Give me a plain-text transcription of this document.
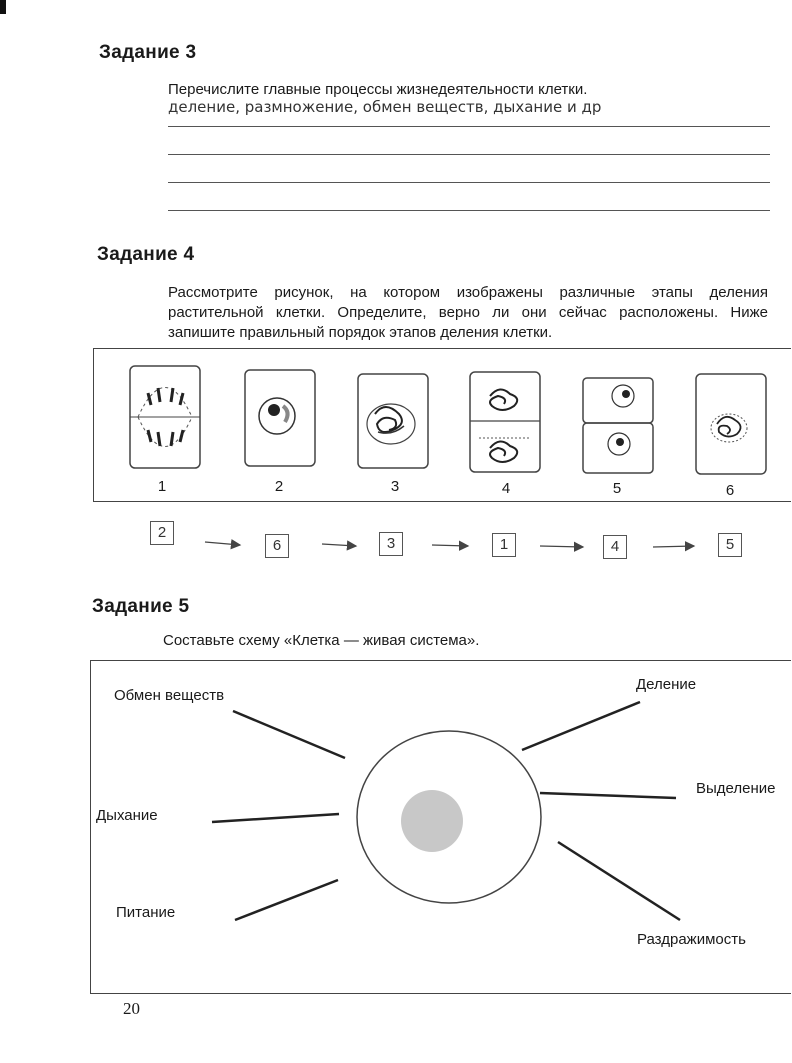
Задание 3
Перечислите главные процессы жизнедеятельности клетки.
деление, размножение, обмен веществ, дыхание и др
Задание 4
Рассмотрите рисунок, на котором изображены различные этапы деления растительной клетки. Определите, верно ли они сейчас расположены. Ниже запишите правильный порядок этапов деления клетки.
1	2	3	4	5	6
2
6	3	1	4	5
Задание 5
Составьте схему «Клетка — живая система».
Обмен веществ
Деление
Выделение
Дыхание
Питание
Раздражимость
20
